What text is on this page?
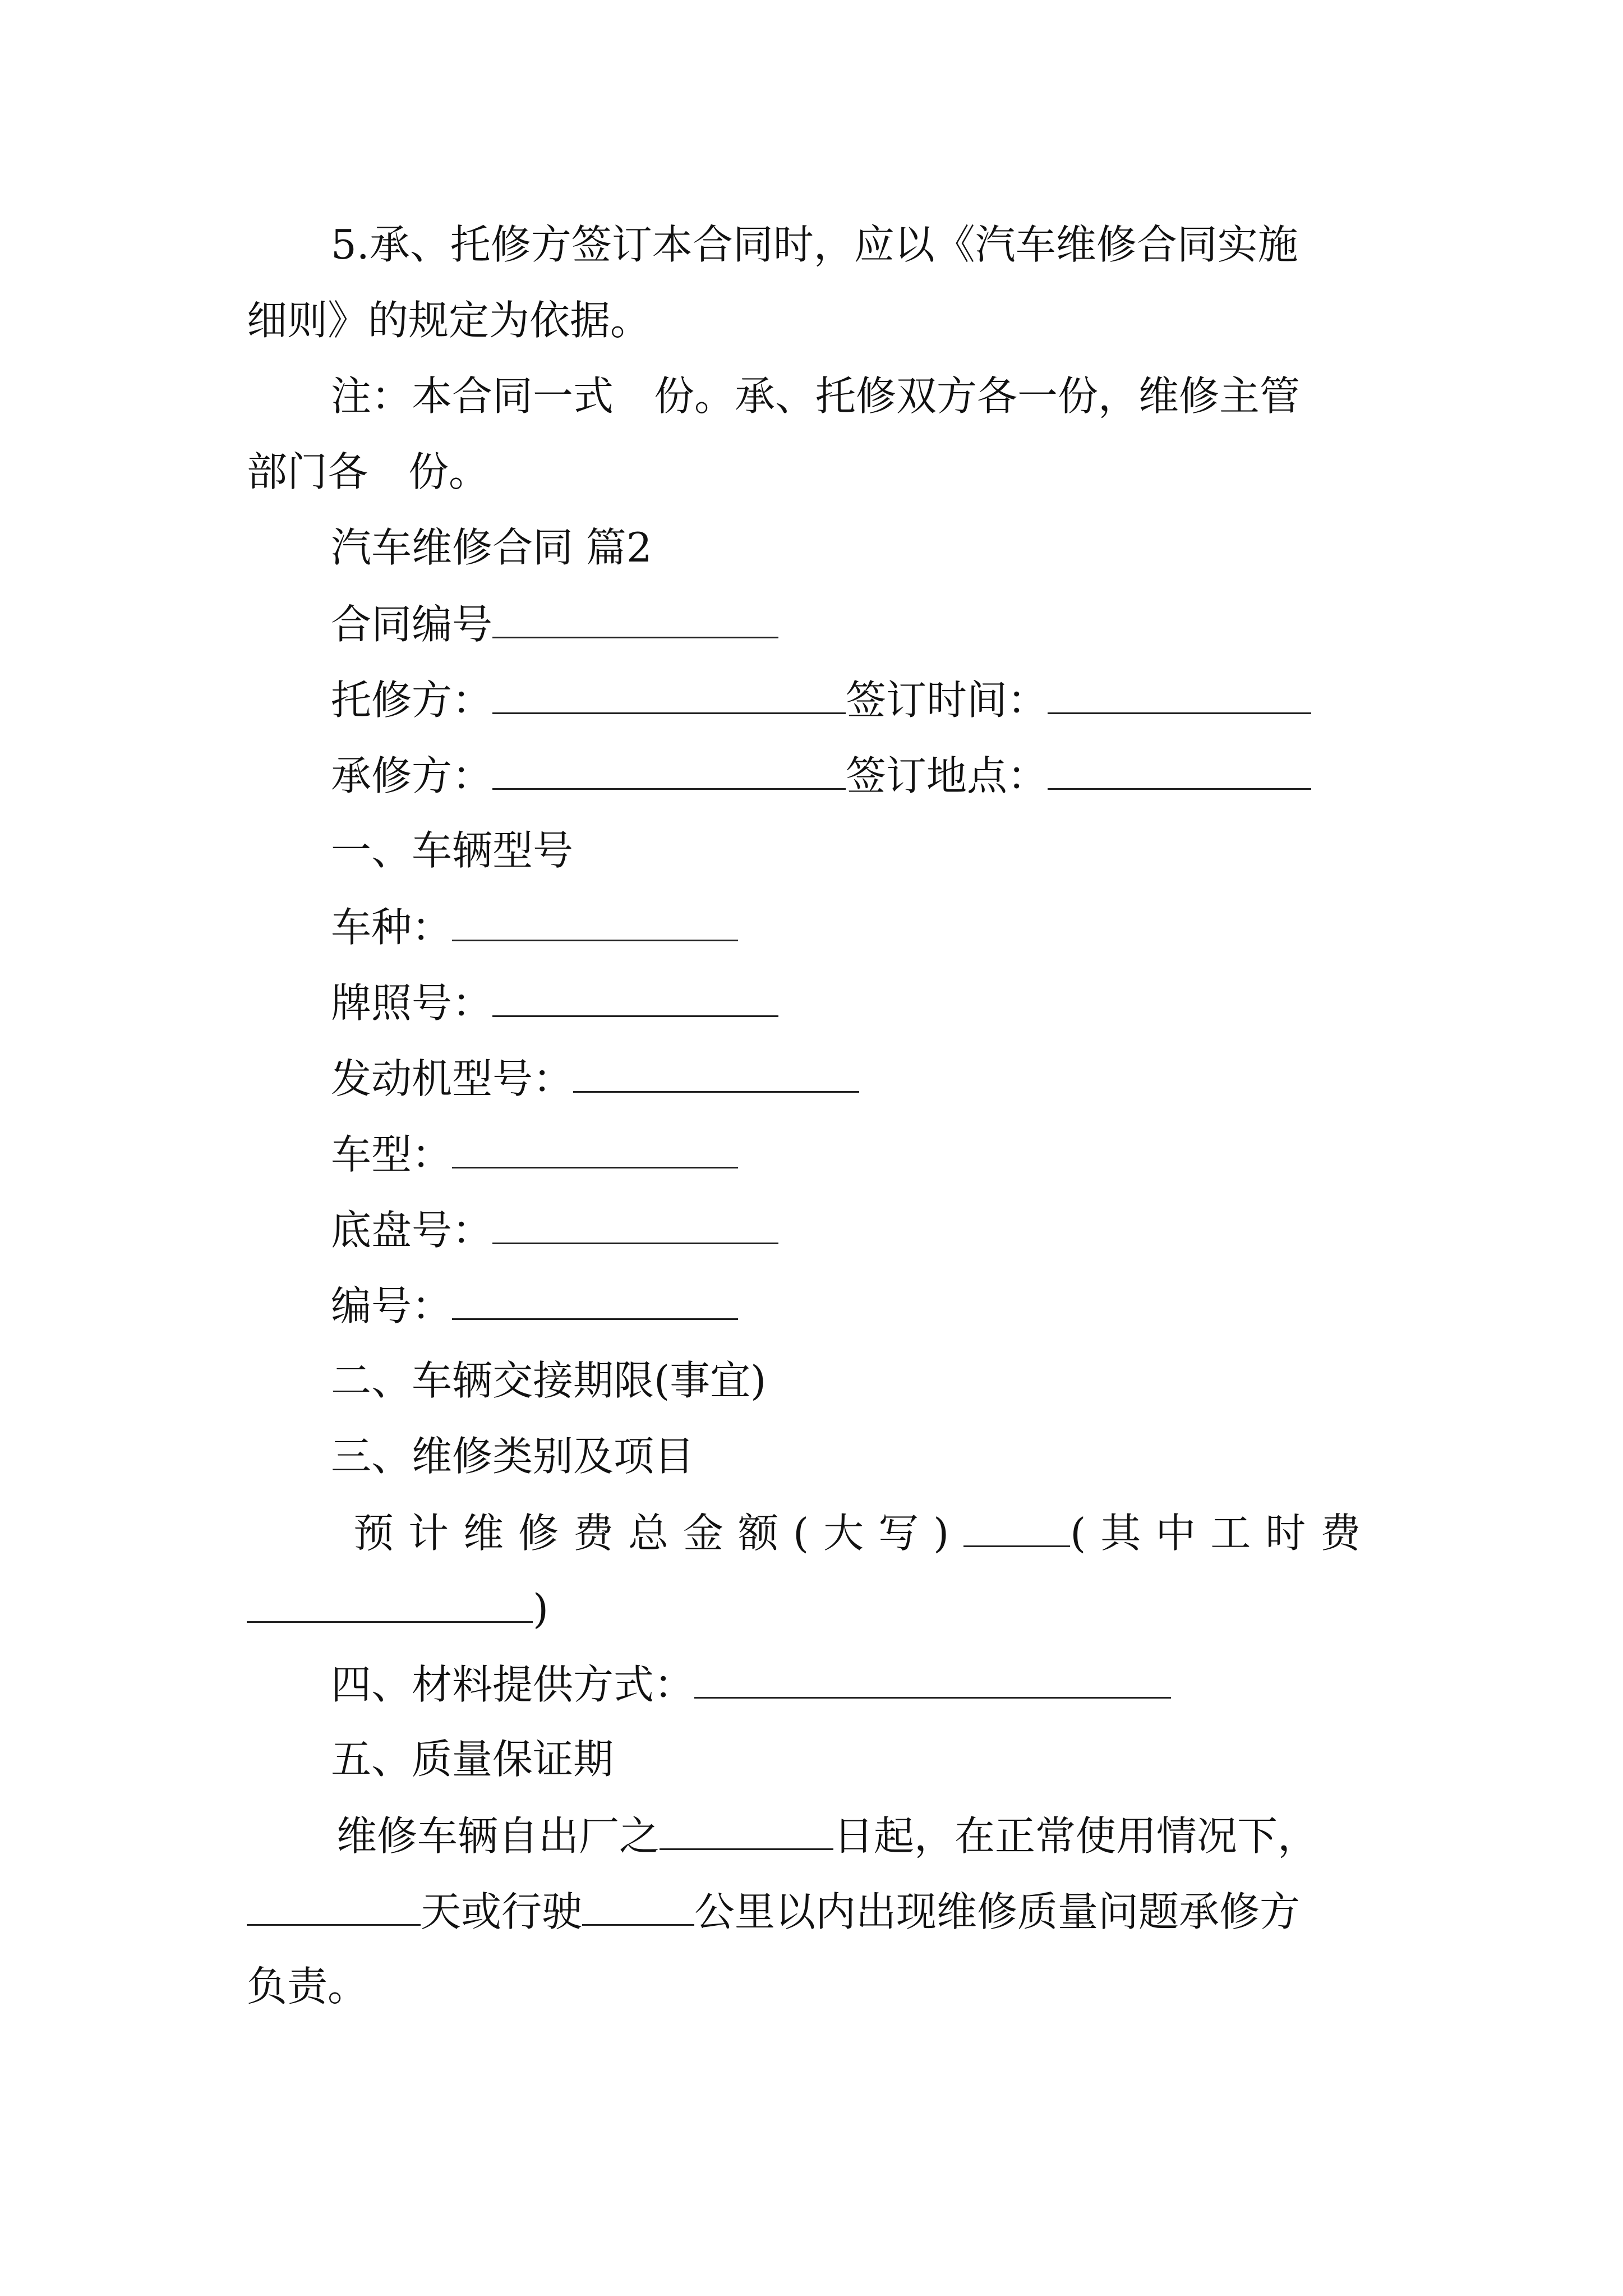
5.承、托修方签订本合同时，应以《汽车维修合同实施
细则》的规定为依据。
注：本合同一式　份。承、托修双方各一份，维修主管
部门各　份。
汽车维修合同 篇2
合同编号
托修方：	签订时间：
承修方：	签订地点：
一、车辆型号
车种：
牌照号：
发动机型号：
车型：
底盘号：
编号：
二、车辆交接期限(事宜)
三、维修类别及项目
预计维修费总金额(大写)	(其中工时费
)
四、材料提供方式：
五、质量保证期
维修车辆自出厂之	日起，在正常使用情况下，
天或行驶	公里以内出现维修质量问题承修方
负责。
